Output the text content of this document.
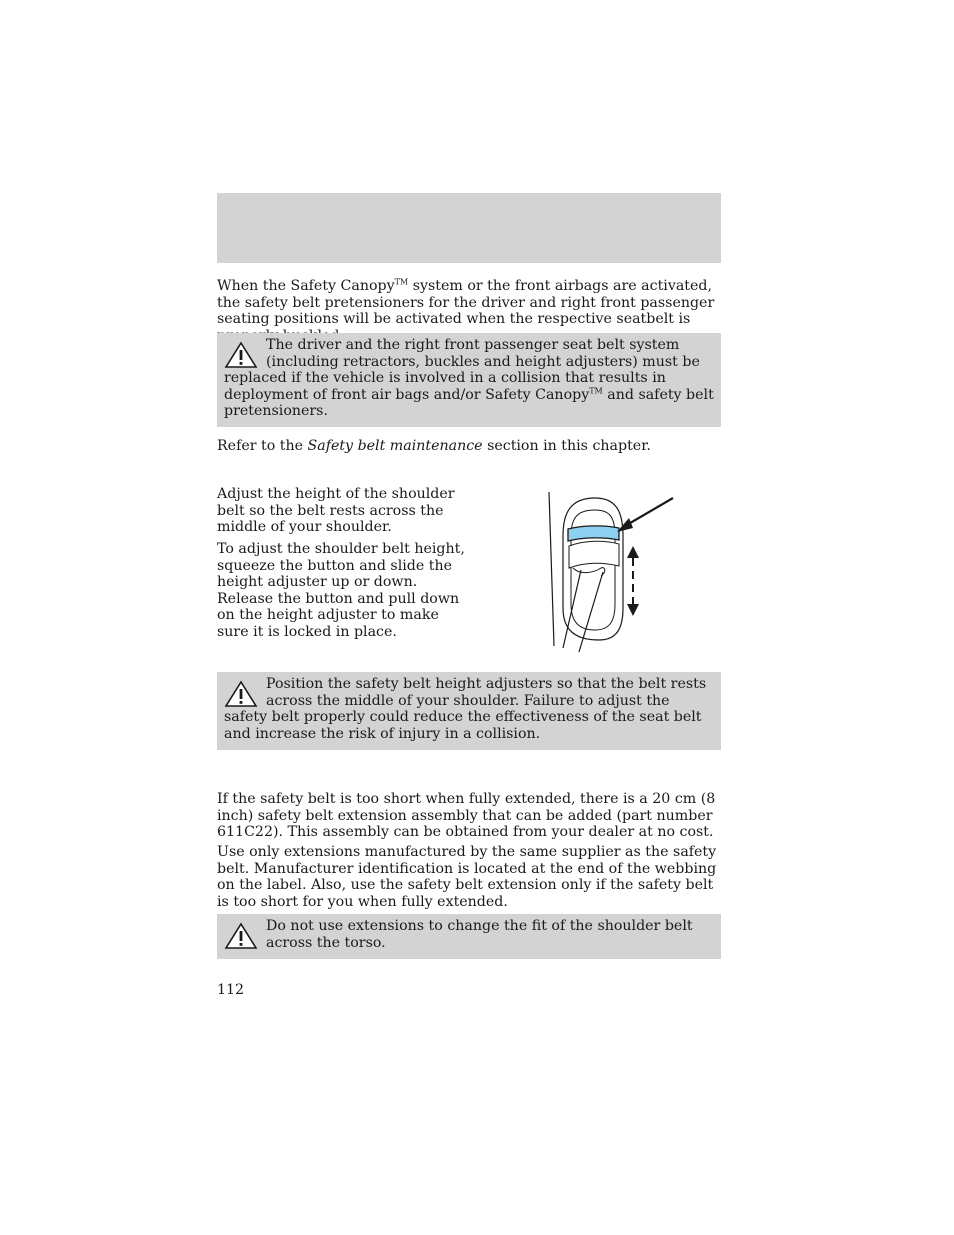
When the Safety Canopy™ system or the front airbags are activated, the safety belt pretensioners for the driver and right front passenger seating positions will be activated when the respective seatbelt is

The driver and the right front passenger seat belt system (including retractors, buckles and height adjusters) must be replaced if the vehicle is involved in a collision that results in deployment of front air bags and/or Safety Canopy™ and safety belt pretensioners.

Refer to the Safety belt maintenance section in this chapter.

Adjust the height of the shoulder belt so the belt rests across the middle of your shoulder.

To adjust the shoulder belt height, squeeze the button and slide the height adjuster up or down. Release the button and pull down on the height adjuster to make sure it is locked in place.

Position the safety belt height adjusters so that the belt rests across the middle of your shoulder. Failure to adjust the safety belt properly could reduce the effectiveness of the seat belt and increase the risk of injury in a collision.

If the safety belt is too short when fully extended, there is a 20 cm (8 inch) safety belt extension assembly that can be added (part number 611C22). This assembly can be obtained from your dealer at no cost.

Use only extensions manufactured by the same supplier as the safety belt. Manufacturer identification is located at the end of the webbing on the label. Also, use the safety belt extension only if the safety belt is too short for you when fully extended.

Do not use extensions to change the fit of the shoulder belt across the torso.

112
